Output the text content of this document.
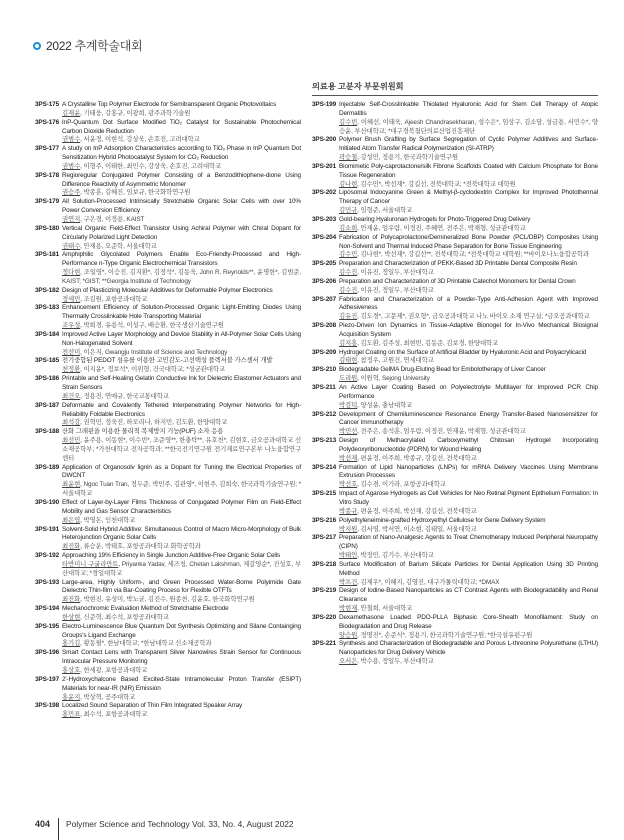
2022 추계학술대회
3PS-175 A Crystalline Top Polymer Electrode for Semitransparent Organic Photovoltaics
김재윤, 기태웅, 강홍규, 이광희, 광주과학기술원
3PS-176 InP-Quantum Dot Surface Modified TiO₂ Catalyst for Sustainable Photochemical Carbon Dioxide Reduction
권범수, 서윤정, 이현석, 강상욱, 손호진, 고려대학교
3PS-177 A study on InP Adsorption Characteristics according to TiO₂ Phase in InP Quantum Dot Sensitization Hybrid Photocatalyst System for CO₂ Reduction
권범수, 이형주, 이태한, 최민수, 강상욱, 손호진, 고려대학교
3PS-178 Regioregular Conjugated Polymer Consisting of a Benzodithiophene-dione Using Difference Reactivity of Asymmetric Monomer
권승주, 박종훈, 김혜진, 임보규, 한국화학연구원
3PS-179 All Solution-Processed Intrinsically Stretchable Organic Solar Cells with over 10% Power Conversion Efficiency
권연지, 구은경, 이정용, KAIST
3PS-180 Vertical Organic Field-Effect Transistor Using Achiral Polymer with Chiral Dopant for Circularly Polarized Light Detection
권태수, 안재용, 오준학, 서울대학교
3PS-181 Amphiphilic Glycolated Polymers Enable Eco-Friendly-Processed and High-Performance n-Type Organic Electrochemical Transistors
정다현, 조일영*, 이승진, 김지환*, 김정석*, 김동욱, John R. Reynolds**, 윤명한*, 김범준, KAIST; *GIST; **Georgia Institute of Technology
3PS-182 Design of Plasticizing Molecular Additives for Deformable Polymer Electronics
정세민, 조길원, 포항공과대학교
3PS-183 Enhancement Efficiency of Solution-Processed Organic Light-Emitting Diodes Using Thermally Crosslinkable Hole Transporting Material
조우성, 박희경, 유용석, 이성구, 배승환, 한국생산기술연구원
3PS-184 Improved Active Layer Morphology and Device Stability in All-Polymer Solar Cells Using Non-Halogenated Solvent
전선미, 이은지, Gwangju Institute of Science and Technology
3PS-185 전기중합된 PEDOT 섬유를 이용한 고민감도-고선택성 플렉서블 가스센서 개발
천정환, 이지윤*, 정보석*, 이위형, 건국대학교; *성균관대학교
3PS-186 Printable and Self-Healing Gelatin Conductive Ink for Dielectric Elastomer Actuators and Strain Sensors
최건오, 정용진, 연매규, 한국교통대학교
3PS-187 Deformable and Covalently Tethered Interpenetrating Polymer Networks for High-Reliability Foldable Electronics
최석강, 권혁민, 정욱진, 하모리나, 하지민, 김도환, 한양대학교
3PS-188 산화 그래핀을 이용한 물리적 복제방지 기능(PUF) 소자 응용
최선민, 윤주용, 이동현*, 이수빈*, 조준영**, 한충탁**, 유호천*, 김현호, 금오공과대학교 신소재공학부; *가천대학교 전자공학과; **한국전기연구원 전기재료연구본부 나노융합연구센터
3PS-189 Application of Organosolv lignin as a Dopant for Tuning the Electrical Properties of DWCNT
최윤현, Ngoc Tuan Tran, 정두준, 박민주, 김관영*, 이현주, 김희숙, 한국과학기술연구원; *서울대학교
3PS-190 Effect of Layer-by-Layer Films Thickness of Conjugated Polymer Film on Field-Effect Mobility and Gas Sensor Characteristics
최은엽, 박영돈, 인천대학교
3PS-191 Solvent-Solid Hybrid Additive: Simultaneous Control of Macro Micro-Morphology of Bulk Heterojunction Organic Solar Cells
최진화, 류승운, 박태호, 포항공과대학교 화학공학과
3PS-192 Approaching 19% Efficiency in Single Junction Additive-Free Organic Solar Cells
타반미니 구굴라만트, Priyanka Yadav, 세즈칭, Chetan Lakshman, 제갈영순*, 진성호, 부산대학교; *경일대학교
3PS-193 Large-area, Highly Uniform-, and Green Processed Water-Borne Polyimide Gate Dielectric Thin-film via Bar-Coating Process for Flexible OTFTs
최진화, 박현진, 유성미, 박노균, 김진수, 원종찬, 김윤호, 한국화학연구원
3PS-194 Mechanochromic Evaluation Method of Stretchable Electrode
한상현, 신준혁, 최수석, 포항공과대학교
3PS-195 Electro-Luminescence Blue Quantum Dot Synthesis Optimizing and Silane Containging Groups's Ligand Exchange
홍기김, 황동필*, 한남대학교; *한남대학교 신소재공학과
3PS-196 Smart Contact Lens with Transparent Silver Nanowires Strain Sensor for Continuous Intraocular Pressure Monitoring
홍상호, 한세광, 포항공과대학교
3PS-197 2'-Hydroxychalcone Based Excited-State Intramolecular Proton Transfer (ESIPT) Materials for near-IR (NIR) Emission
홍윤지, 박상혁, 공주대학교
3PS-198 Localized Sound Separation of Thin Film Integrated Speaker Array
홍민표, 최수석, 포항공과대학교
의료용 고분자 부문위원회
3PS-199 Injectable Self-Crosslinkable Thiolated Hyaluronic Acid for Stem Cell Therapy of Atopic Dermatitis
김수빈, 이혜선, 이태욱, Ajeesh Chandrasekharan, 성수은*, 임상구, 김소담, 성금용, 서민수*, 양승윤, 부산대학교; *대구경북첨단의료산업진흥재단
3PS-200 Polymer Brush Grafting by Surface Segregation of Cyclic Polymer Additives and Surface-Initiated Atom Transfer Radical Polymerization (SI-ATRP)
곽승철, 강성민, 정용기, 한국과학기술연구원
3PS-201 Biomimetic Poly-caprotactone/silk Fibrone Scaffolds Coated with Calcium Phosphate for Bone Tissue Regeneration
김나현, 김수민*, 박선재*, 강길선, 전북대학교; *전북대학교 대학원
3PS-202 Liposomal Indocyanine Green & Methyl-β-cyclodextrin Complex for Improved Photothermal Therapy of Cancer
김민규, 임형준, 서울대학교
3PS-203 Gold-bearing Hyaluronan Hydrogels for Photo-Triggered Drug Delivery
김소희, 안재윤, 엄우람, 이정진, 주혜연, 전주은, 박재형, 성균관대학교
3PS-204 Fabrication of Polycaprolactone/Demineralized Bone Powder (PCL/DBP) Composites Using Non-Solvent and Thermal Induced Phase Separation for Bone Tissue Engineering
김수민, 김나현*, 박선재*, 강길선**, 전북대학교; *전북대학교 대학원; **바이오나노융합공학과
3PS-205 Preparation and Characterization of PEKK-Based 3D Printable Dental Composite Resin
김수진, 이유진, 정일두, 부산대학교
3PS-206 Preparation and Characterization of 3D Printable Catechol Monomers for Dental Crown
김수진, 이유진, 정일두, 부산대학교
3PS-207 Fabrication and Characterization of a Powder-Type Anti-Adhesion Agent with Improved Adhesiveness
김유진, 김도경*, 고문제*, 권오형*, 금오공과대학교 나노 바이오 소재 연구실; *금오공과대학교
3PS-208 Piezo-Driven Ion Dynamics in Tissue-Adaptive Bionogel for In-Vivo Mechanical Biosignal Acquisition System
김지홍, 김도환, 김주성, 최현빈, 김동준, 김보경, 한양대학교
3PS-209 Hydrogel Coating on the Surface of Artificial Bladder by Hyaluronic Acid and Polyacrylicacid
김태현, 참정우, 고원건, 연세대학교
3PS-210 Biodegradable GelMA Drug-Eluting Bead for Embolotherapy of Liver Cancer
도리원, 이원혁, Sejong University
3PS-211 An Active Layer Coating Based on Polyelectrolyte Multilayer for Improved PCR Chip Performance
박검덕, 양성윤, 충남대학교
3PS-212 Development of Chemiluminescence Resonance Energy Transfer-Based Nanosensitizer for Cancer Immunotherapy
박민선, 전주은, 송석훈, 엄우람, 이정진, 안재윤, 박재형, 성균관대학교
3PS-213 Design of Methacrylated Carboxymethyl Chitosan Hydrogel Incorporating Polydeoxyribonucleotide (PDRN) for Wound Healing
박선재, 편윤정, 이주희, 박종규, 강길선, 전북대학교
3PS-214 Formation of Lipid Nanoparticles (LNPs) for mRNA Delivery Vaccines Using Membrane Extrusion Processes
박선호, 김수겸, 이기라, 포항공과대학교
3PS-215 Impact of Agarose Hydrogels as Cell Vehicles for Neo Retinal Pigment Epithelium Formation: In Vitro Study
박종규, 편윤정, 이주희, 박선재, 강길선, 전북대학교
3PS-216 Polyethyleneimine-grafted Hydroxyethyl Cellulose for Gene Delivery System
박지원, 김서영, 박서연, 이소현, 김태일, 서울대학교
3PS-217 Preparation of Nano-Analgesic Agents to Treat Chemotherapy Induced Peripheral Neuropathy (CIPN)
박태언, 박정민, 김기수, 부산대학교
3PS-218 Surface Modification of Barium Silicate Particles for Dental Application Using 3D Printing Method
박프건, 김제우*, 이혜지, 김영진, 대구가톨릭대학교; *DMAX
3PS-219 Design of Iodine-Based Nanoparticles as CT Contrast Agents with Biodegradability and Renal Clearance
박현재, 안철희, 서울대학교
3PS-220 Dexamethasone Loaded PDO-PLLA Biphasic Core-Sheath Monofilament: Study on Biodegradation and Drug Release
양승원, 정명진*, 손준식*, 정용기, 한국과학기술연구원; *한국섬유펀구원
3PS-221 Synthesis and Characterization of Biodegradable and Porous L-threonine Polyurethane (LTHU) Nanoparticles for Drug Delivery Vehicle
오서은, 박수용, 정일두, 부산대학교
404	Polymer Science and Technology Vol. 33, No. 4, August 2022
